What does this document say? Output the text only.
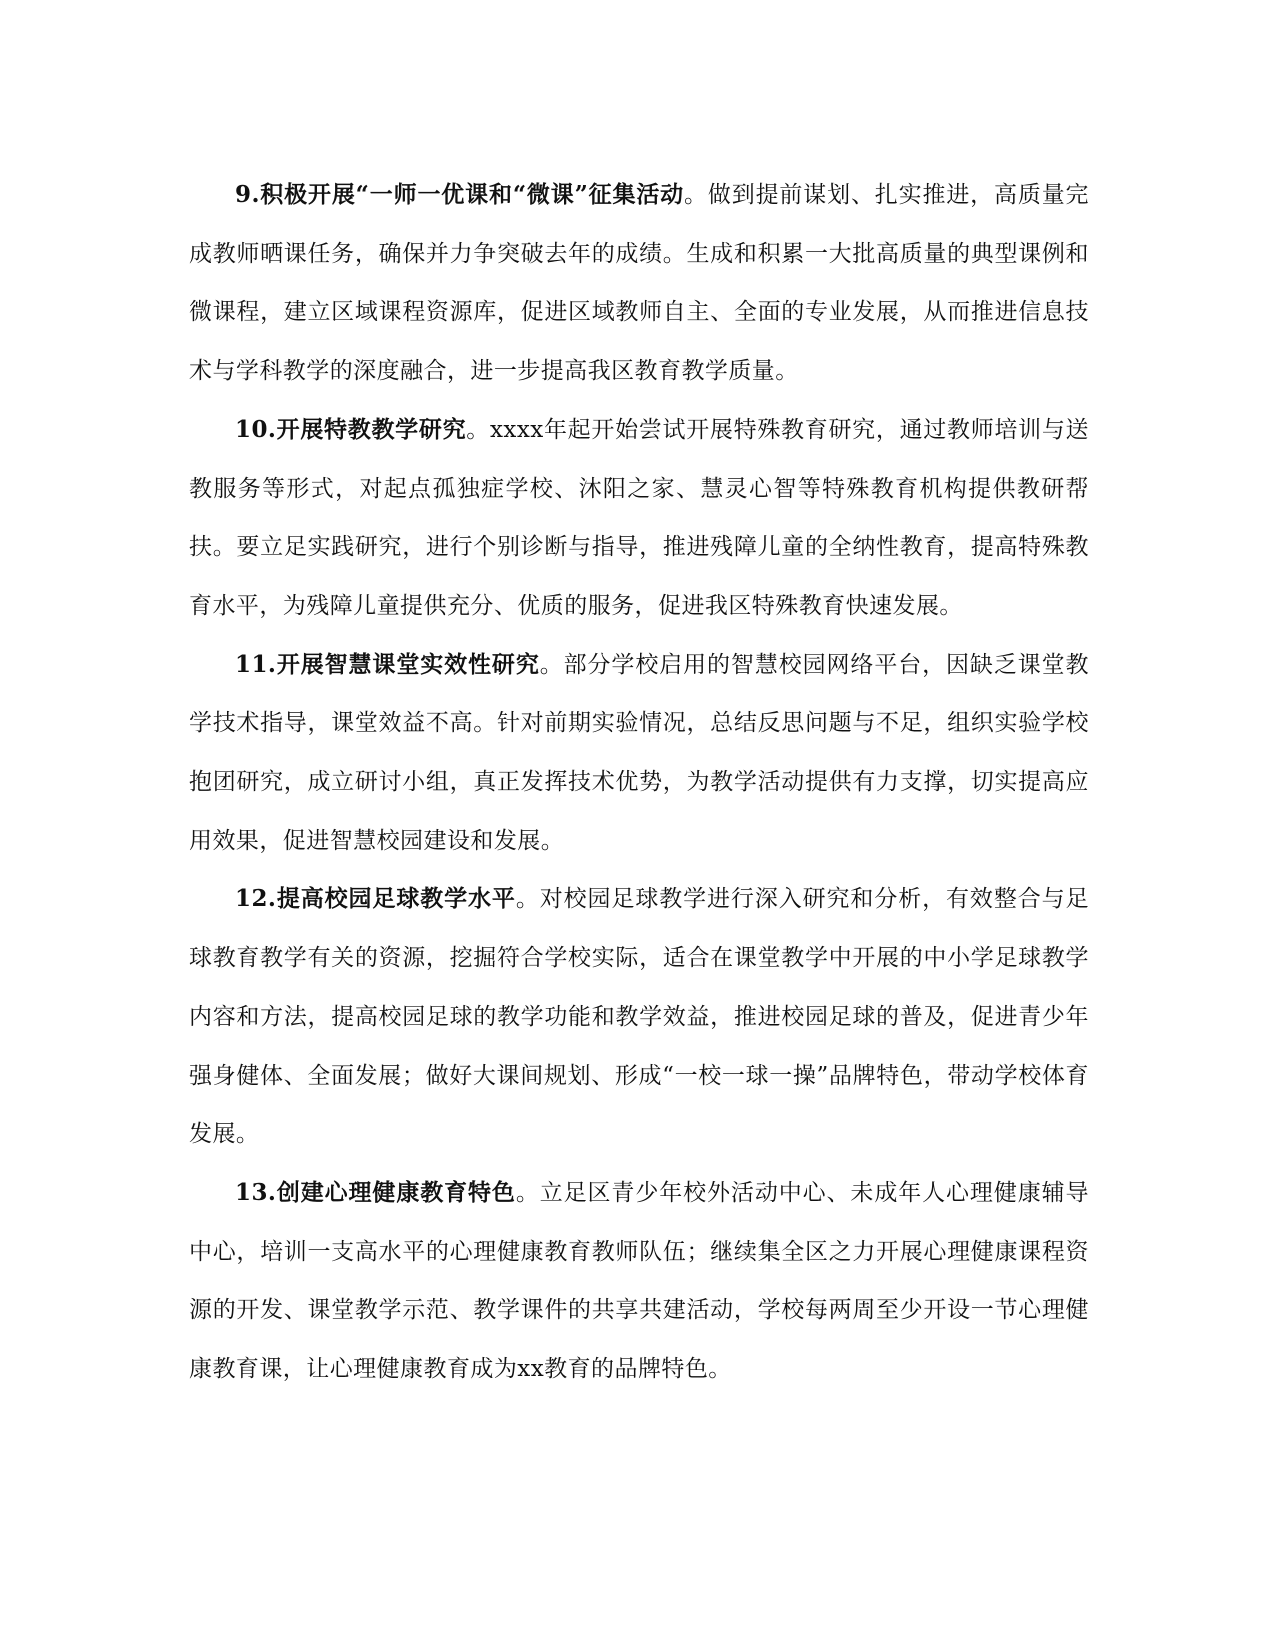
9.积极开展“一师一优课和“微课”征集活动。做到提前谋划、扎实推进，高质量完成教师晒课任务，确保并力争突破去年的成绩。生成和积累一大批高质量的典型课例和微课程，建立区域课程资源库，促进区域教师自主、全面的专业发展，从而推进信息技术与学科教学的深度融合，进一步提高我区教育教学质量。

10.开展特教教学研究。xxxx年起开始尝试开展特殊教育研究，通过教师培训与送教服务等形式，对起点孤独症学校、沐阳之家、慧灵心智等特殊教育机构提供教研帮扶。要立足实践研究，进行个别诊断与指导，推进残障儿童的全纳性教育，提高特殊教育水平，为残障儿童提供充分、优质的服务，促进我区特殊教育快速发展。

11.开展智慧课堂实效性研究。部分学校启用的智慧校园网络平台，因缺乏课堂教学技术指导，课堂效益不高。针对前期实验情况，总结反思问题与不足，组织实验学校抱团研究，成立研讨小组，真正发挥技术优势，为教学活动提供有力支撑，切实提高应用效果，促进智慧校园建设和发展。

12.提高校园足球教学水平。对校园足球教学进行深入研究和分析，有效整合与足球教育教学有关的资源，挖掘符合学校实际，适合在课堂教学中开展的中小学足球教学内容和方法，提高校园足球的教学功能和教学效益，推进校园足球的普及，促进青少年强身健体、全面发展；做好大课间规划、形成“一校一球一操”品牌特色，带动学校体育发展。

13.创建心理健康教育特色。立足区青少年校外活动中心、未成年人心理健康辅导中心，培训一支高水平的心理健康教育教师队伍；继续集全区之力开展心理健康课程资源的开发、课堂教学示范、教学课件的共享共建活动，学校每两周至少开设一节心理健康教育课，让心理健康教育成为xx教育的品牌特色。
